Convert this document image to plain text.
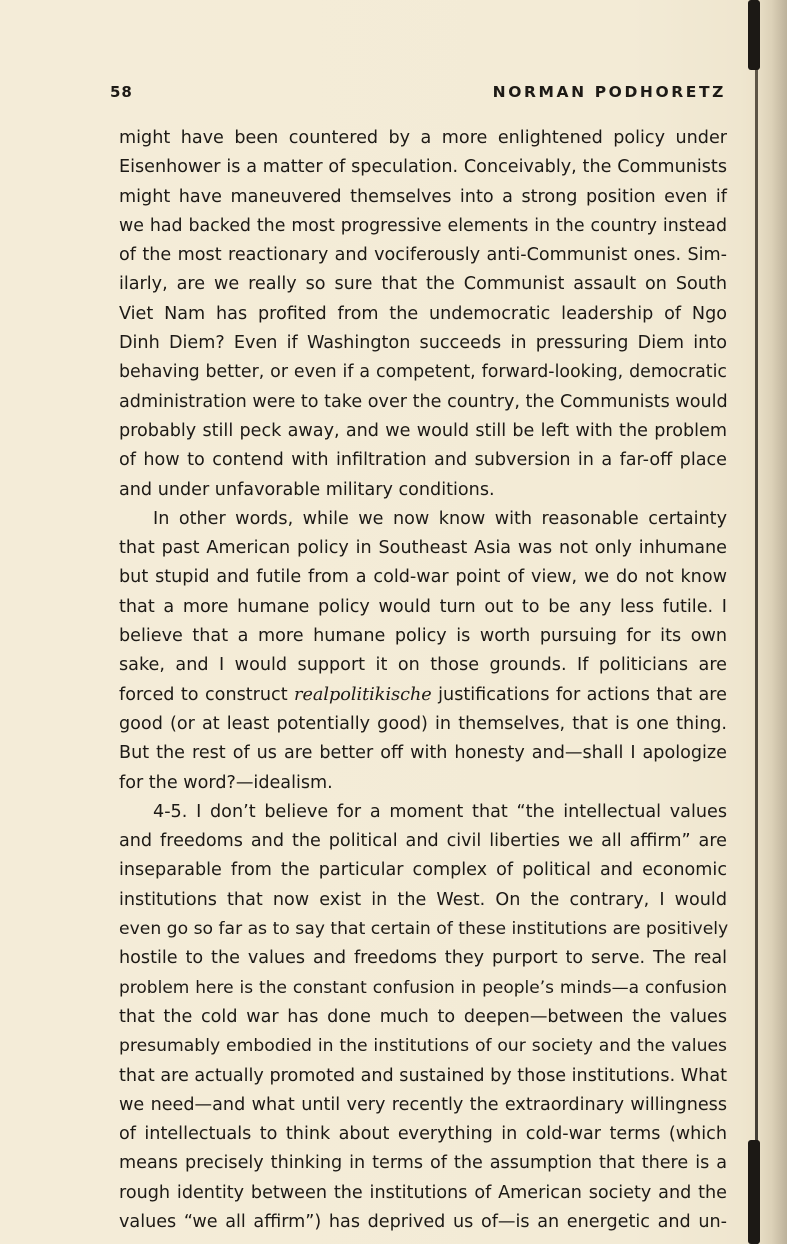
58	NORMAN PODHORETZ
might have been countered by a more enlightened policy under
Eisenhower is a matter of speculation. Conceivably, the Communists
might have maneuvered themselves into a strong position even if
we had backed the most progressive elements in the country instead
of the most reactionary and vociferously anti-Communist ones. Sim-
ilarly, are we really so sure that the Communist assault on South
Viet Nam has profited from the undemocratic leadership of Ngo
Dinh Diem? Even if Washington succeeds in pressuring Diem into
behaving better, or even if a competent, forward-looking, democratic
administration were to take over the country, the Communists would
probably still peck away, and we would still be left with the problem
of how to contend with infiltration and subversion in a far-off place
and under unfavorable military conditions.
In other words, while we now know with reasonable certainty
that past American policy in Southeast Asia was not only inhumane
but stupid and futile from a cold-war point of view, we do not know
that a more humane policy would turn out to be any less futile. I
believe that a more humane policy is worth pursuing for its own
sake, and I would support it on those grounds. If politicians are
forced to construct realpolitikische justifications for actions that are
good (or at least potentially good) in themselves, that is one thing.
But the rest of us are better off with honesty and—shall I apologize
for the word?—idealism.
4-5. I don’t believe for a moment that “the intellectual values
and freedoms and the political and civil liberties we all affirm” are
inseparable from the particular complex of political and economic
institutions that now exist in the West. On the contrary, I would
even go so far as to say that certain of these institutions are positively
hostile to the values and freedoms they purport to serve. The real
problem here is the constant confusion in people’s minds—a confusion
that the cold war has done much to deepen—between the values
presumably embodied in the institutions of our society and the values
that are actually promoted and sustained by those institutions. What
we need—and what until very recently the extraordinary willingness
of intellectuals to think about everything in cold-war terms (which
means precisely thinking in terms of the assumption that there is a
rough identity between the institutions of American society and the
values “we all affirm”) has deprived us of—is an energetic and un-
